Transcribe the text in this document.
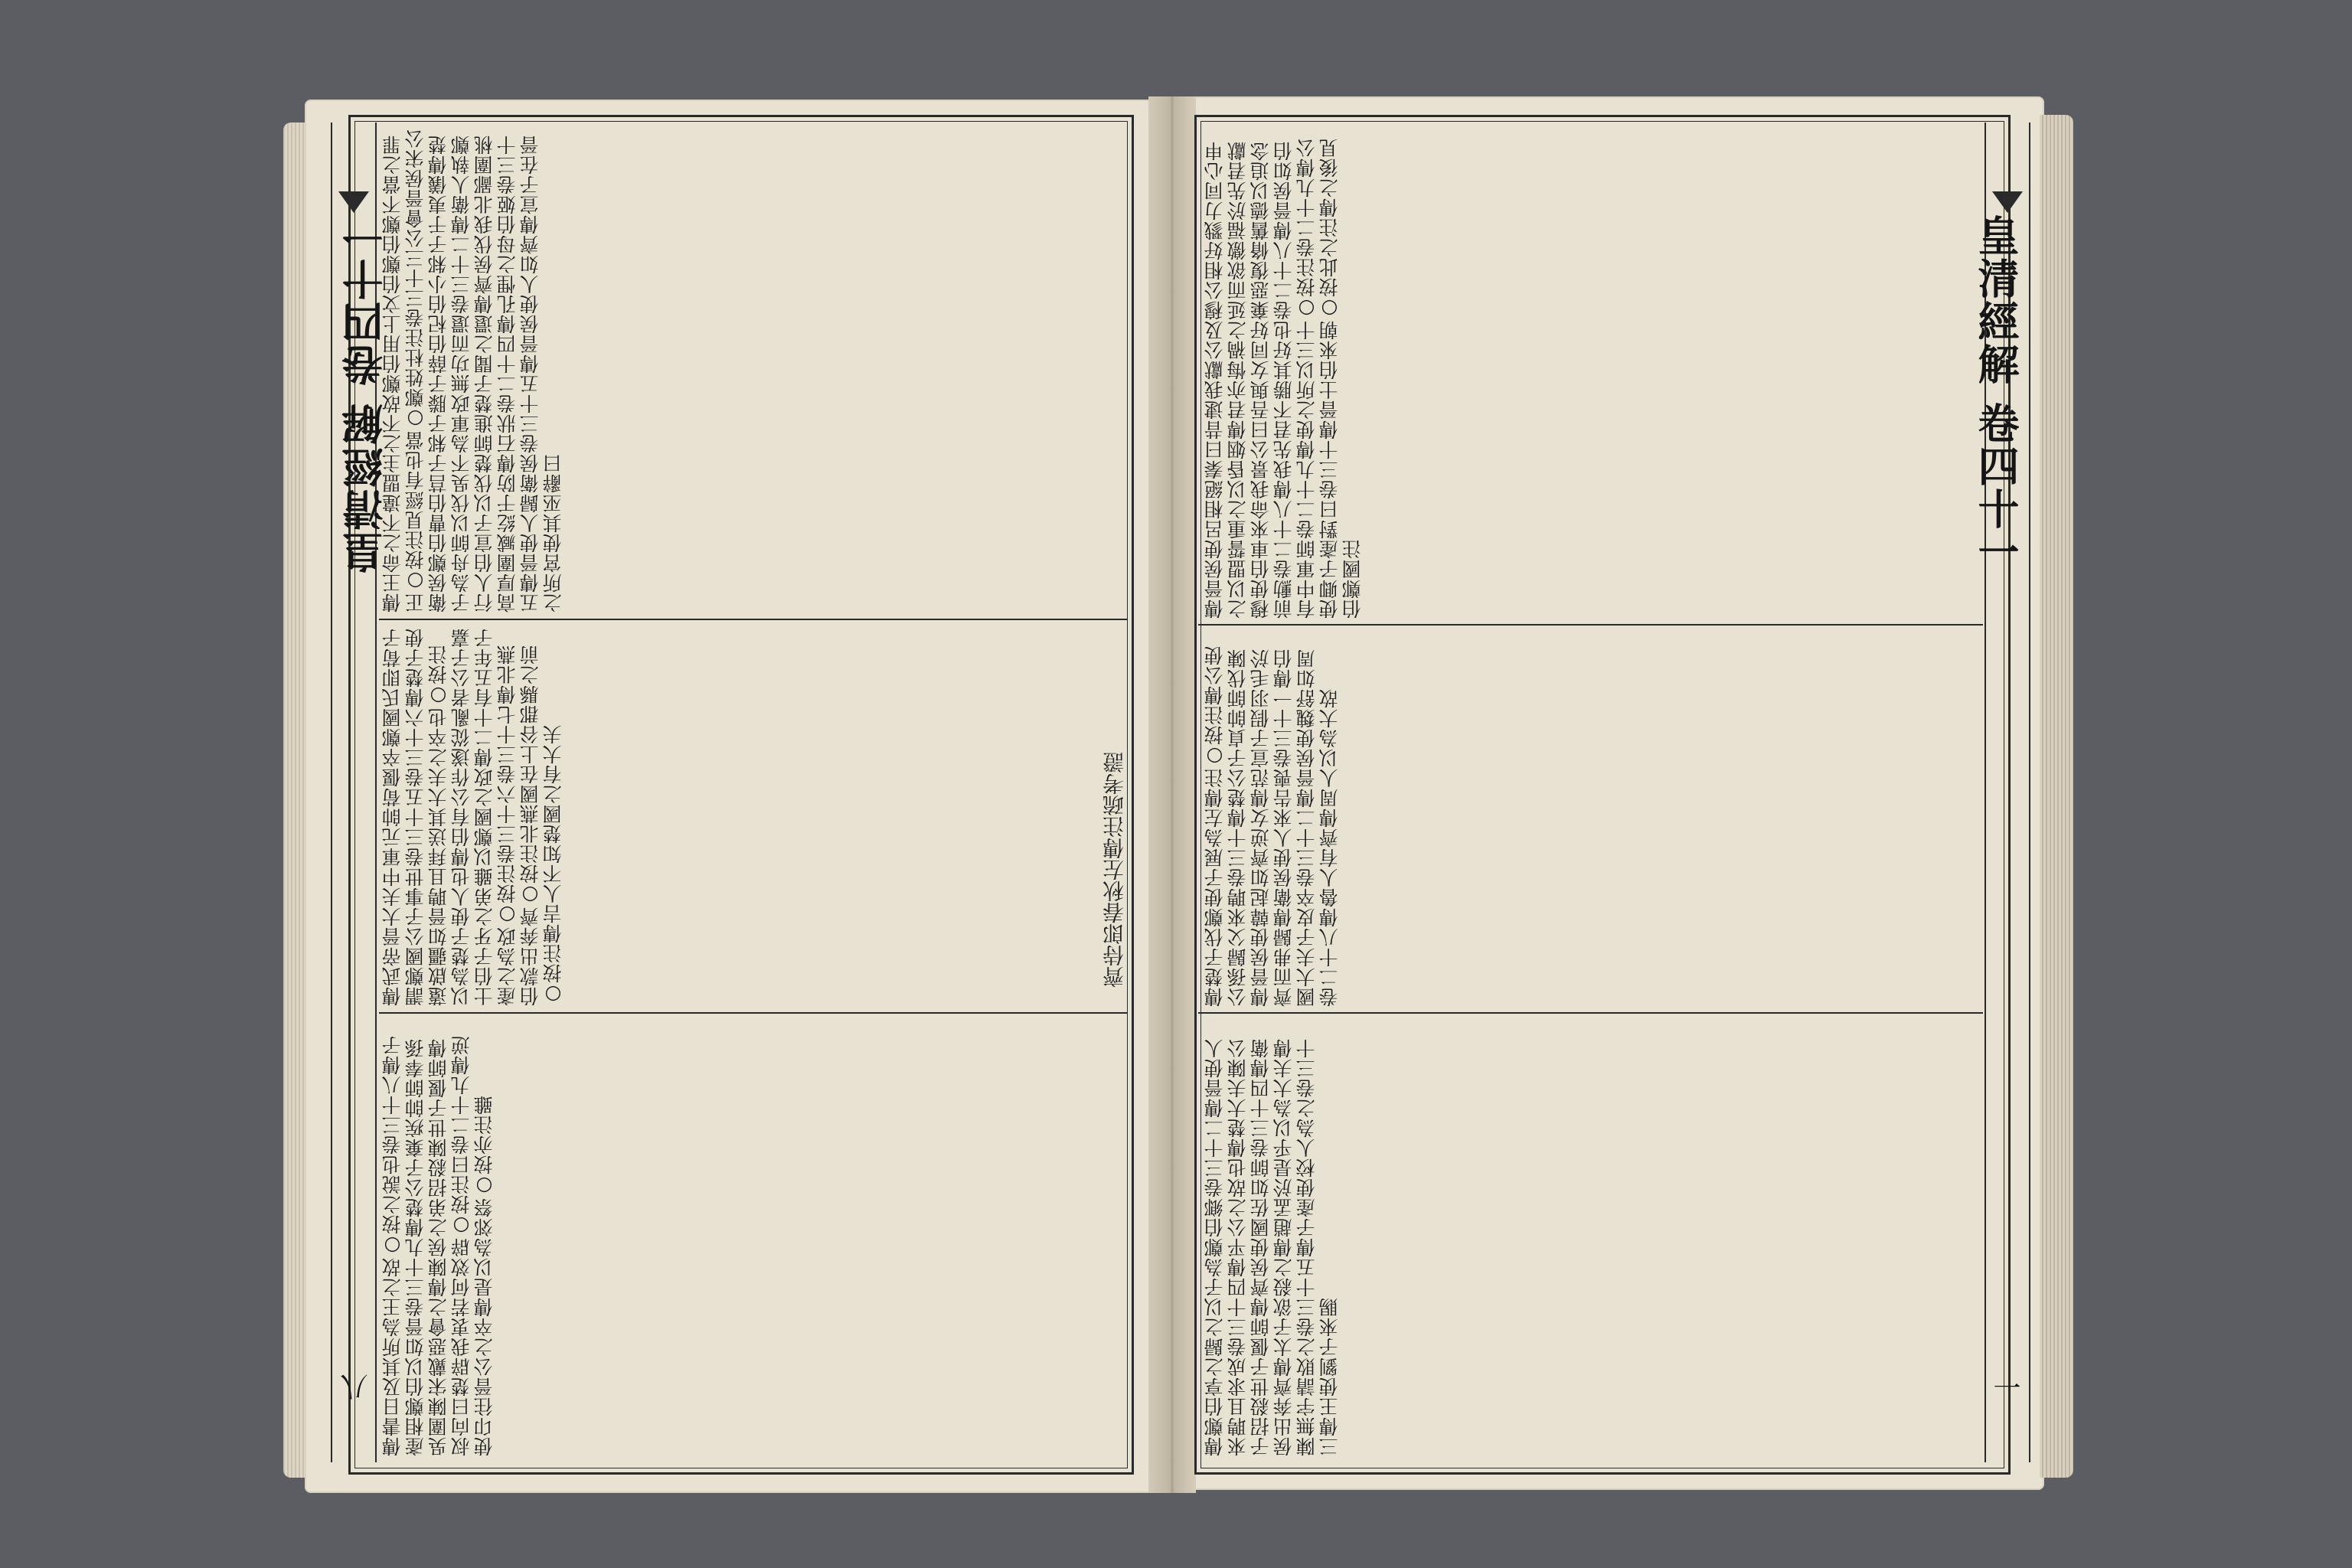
皇清經解 卷四十一
八
傳王命之不違盟主之不故鄭伯用上文伯鄭伯鄭不當之罪正○按注見經有也當○鄭姓杜注卷三十三公會晉侯宋公衛侯鄭伯曹伯莒子邾子滕子薛伯杞伯小邾子于夷儀傳楚子為舟師以伐吳不為軍政無功而還卷三十二傳衛人執鄭行人伯宣子以伐楚師進楚子聞之還傳齊侯伐我北鄙圍桃高厚圍臧紇于防傳石狀卷二十四傳孔悝之母伯姬卷三十五傳晉使人歸衛侯卷三十五傳晉侯使人如齊傳宣子在晉之所宮使其巫辭曰
傳武帝晉大夫中軍元帥荀偃卒鄭國氏即荀子謂鄭國公子事世卷三十五卷三十六傳楚子使薳啟疆如晉聘且拜送其大夫之卒也○按注以為楚子使人也傳伯有公作遂從亂者公子嘉士伯子牙之弟雖以鄭國之政傳二十有五年子產之為政○按注卷三十六卷三十七傳北燕伯款出奔齊○按注北燕國在上谷郡縣之前○按注傳吉人不知楚國之有大夫	齊侍郎春秋左傳注疏考證
傳書日及其所為王之故○按之說也卷三十八傳子產相鄭伯以如晉卷三十九傳楚公子棄疾帥師奉孫吳圍陳宋戴惡會之傳陳侯之弟招殺陳世子偃師傳叔向曰楚辟我衷若何效辟○按注曰卷二十九傳逆使卬往晉公之卒傳是以為郊祭○按亦注雖
皇清經解 卷四十一
一
傳晉侯使呂相絕秦曰昔逮我獻公及穆公相好戮力同心申之以盟誓重之以昏姻傳君亦悔禍之延而欲徼福於先君獻穆使伯車來命我景公曰吾與女同好棄惡復脩舊德以追念前勳卷二十八傳我先君不勝其好也卷二十八傳晉侯如伯有中軍師卷二十九傳使之所以三十○按注卷二十九傳公使卿子產對曰卷三十傳晉士伯來朝○按此之注傳之後見伯鄭國注
傳楚子伐鄭使子展為左傳注○按注傳公使公孫歸父來聘卷三十傳楚公子貞帥師伐陳傳晉侯使韓起如齊逆女傳范宣子假羽毛於齊而弗歸傳衛侯使人來告喪卷三十一傳伯國大夫子皮卒卷三十二傳晉侯使魏舒如周卷二十八傳魯人有齊傳周人以為大故
傳鄭伯享之歸之以子為鄭伯鄉卷三十二傳晉使人來聘且求成卷三十四傳平公之故也傳楚大夫陳公子招殺世子偃師傳齊侯使國佐如師卷三十四傳衛侯出奔齊傳太子欲殺之傳趙孟於是乎以為大夫傳陳無宇請敗之卷三十五傳子產使校人為之卷三十三傳王使劉子來賜
